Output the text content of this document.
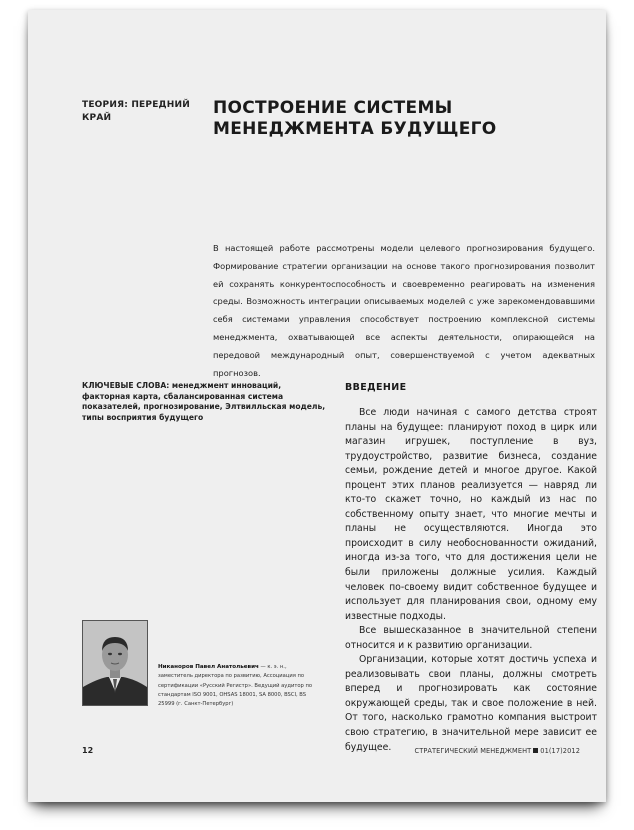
ТЕОРИЯ: ПЕРЕДНИЙ КРАЙ	ПОСТРОЕНИЕ СИСТЕМЫ МЕНЕДЖМЕНТА БУДУЩЕГО
В настоящей работе рассмотрены модели целевого прогнозирования будущего. Формирование стратегии организации на основе такого прогнозирования позволит ей сохранять конкурентоспособность и своевременно реагировать на изменения среды. Возможность интеграции описываемых моделей с уже зарекомендовавшими себя системами управления способствует построению комплексной системы менеджмента, охватывающей все аспекты деятельности, опирающейся на передовой международный опыт, совершенствуемой с учетом адекватных прогнозов.
КЛЮЧЕВЫЕ СЛОВА: менеджмент инноваций, факторная карта, сбалансированная система показателей, прогнозирование, Элтвилльская модель, типы восприятия будущего
ВВЕДЕНИЕ

Все люди начиная с самого детства строят планы на будущее: планируют поход в цирк или магазин игрушек, поступление в вуз, трудоустройство, развитие бизнеса, создание семьи, рождение детей и многое другое. Какой процент этих планов реализуется — навряд ли кто-то скажет точно, но каждый из нас по собственному опыту знает, что многие мечты и планы не осуществляются. Иногда это происходит в силу необоснованности ожиданий, иногда из-за того, что для достижения цели не были приложены должные усилия. Каждый человек по-своему видит собственное будущее и использует для планирования свои, одному ему известные подходы.

Все вышесказанное в значительной степени относится и к развитию организации.

Организации, которые хотят достичь успеха и реализовывать свои планы, должны смотреть вперед и прогнозировать как состояние окружающей среды, так и свое положение в ней. От того, насколько грамотно компания выстроит свою стратегию, в значительной мере зависит ее будущее.

Никаноров Павел Анатольевич — к. э. н., заместитель директора по развитию, Ассоциация по сертификации «Русский Регистр». Ведущий аудитор по стандартам ISO 9001, OHSAS 18001, SA 8000, BSCI, BS 25999 (г. Санкт-Петербург)
12	СТРАТЕГИЧЕСКИЙ МЕНЕДЖМЕНТ 01(17)2012
